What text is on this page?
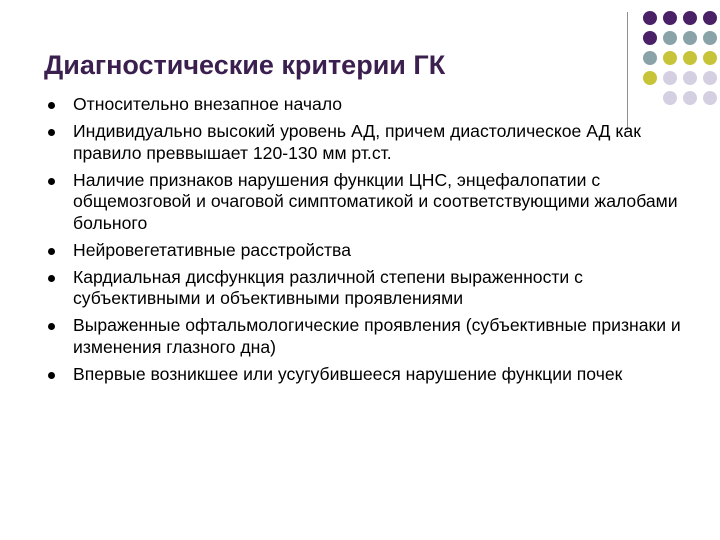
Диагностические критерии ГК
Относительно внезапное начало
Индивидуально высокий уровень АД, причем диастолическое АД как правило преввышает 120-130 мм рт.ст.
Наличие признаков нарушения функции ЦНС, энцефалопатии с общемозговой и очаговой симптоматикой и соответствующими жалобами больного
Нейровегетативные расстройства
Кардиальная дисфункция различной степени выраженности с субъективными и объективными проявлениями
Выраженные офтальмологические проявления (субъективные признаки и изменения глазного дна)
Впервые возникшее или усугубившееся нарушение функции почек
